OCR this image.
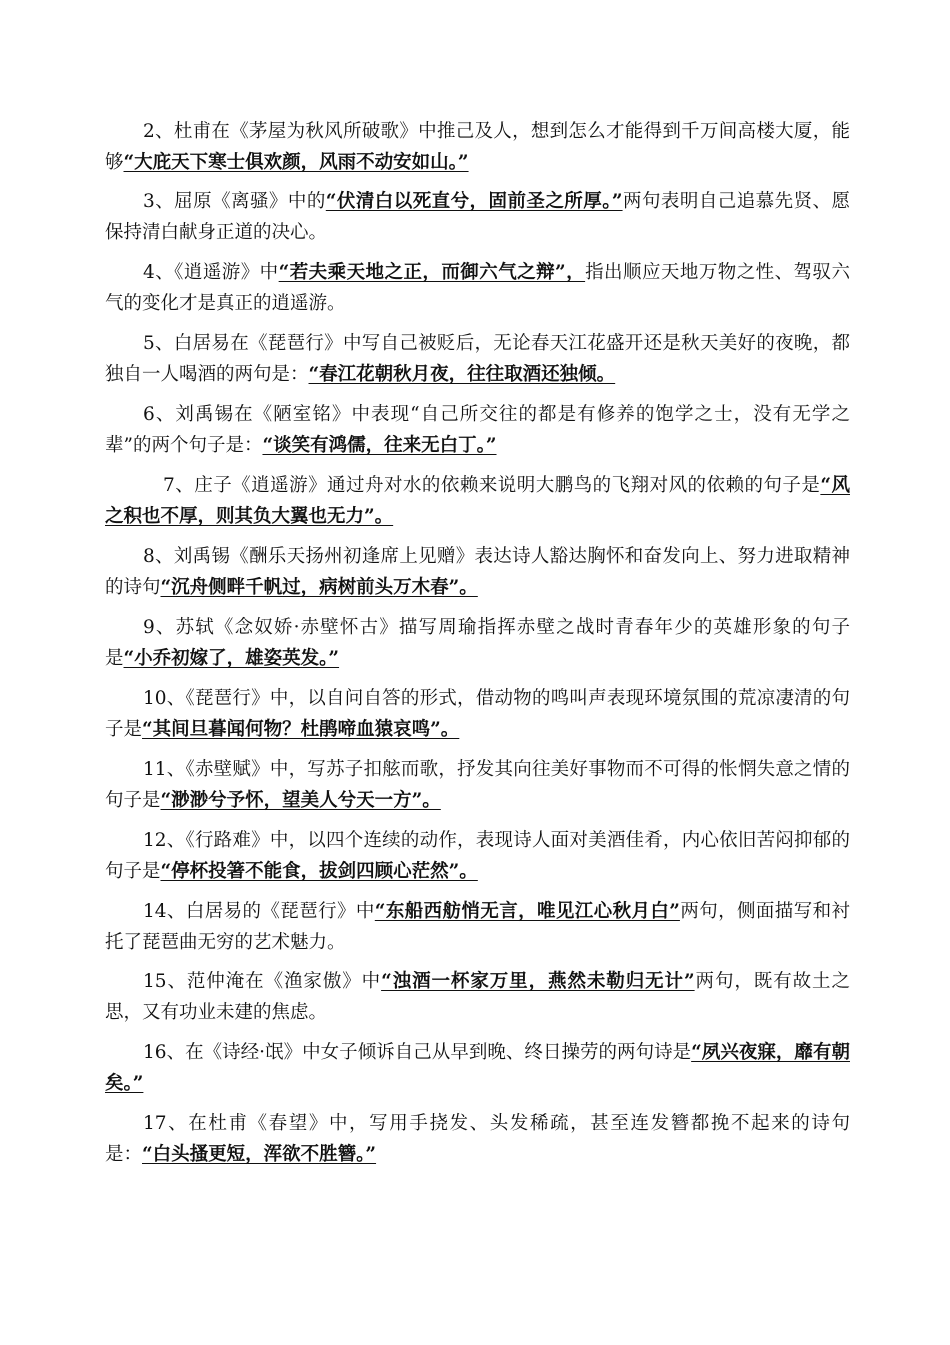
2、杜甫在《茅屋为秋风所破歌》中推己及人，想到怎么才能得到千万间高楼大厦，能够“大庇天下寒士俱欢颜，风雨不动安如山。”

3、屈原《离骚》中的“伏清白以死直兮，固前圣之所厚。”两句表明自己追慕先贤、愿保持清白献身正道的决心。

4、《逍遥游》中“若夫乘天地之正，而御六气之辩”，指出顺应天地万物之性、驾驭六气的变化才是真正的逍遥游。

5、白居易在《琵琶行》中写自己被贬后，无论春天江花盛开还是秋天美好的夜晚，都独自一人喝酒的两句是：“春江花朝秋月夜，往往取酒还独倾。

6、刘禹锡在《陋室铭》中表现“自己所交往的都是有修养的饱学之士，没有无学之辈”的两个句子是：“谈笑有鸿儒，往来无白丁。”

7、庄子《逍遥游》通过舟对水的依赖来说明大鹏鸟的飞翔对风的依赖的句子是“风之积也不厚，则其负大翼也无力”。

8、刘禹锡《酬乐天扬州初逢席上见赠》表达诗人豁达胸怀和奋发向上、努力进取精神的诗句“沉舟侧畔千帆过，病树前头万木春”。

9、苏轼《念奴娇·赤壁怀古》描写周瑜指挥赤壁之战时青春年少的英雄形象的句子是“小乔初嫁了，雄姿英发。”

10、《琵琶行》中，以自问自答的形式，借动物的鸣叫声表现环境氛围的荒凉凄清的句子是“其间旦暮闻何物？杜鹃啼血猿哀鸣”。

11、《赤壁赋》中，写苏子扣舷而歌，抒发其向往美好事物而不可得的怅惘失意之情的句子是“渺渺兮予怀，望美人兮天一方”。

12、《行路难》中，以四个连续的动作，表现诗人面对美酒佳肴，内心依旧苦闷抑郁的句子是“停杯投箸不能食，拔剑四顾心茫然”。

14、白居易的《琵琶行》中“东船西舫悄无言，唯见江心秋月白”两句，侧面描写和衬托了琵琶曲无穷的艺术魅力。

15、范仲淹在《渔家傲》中“浊酒一杯家万里，燕然未勒归无计”两句，既有故土之思，又有功业未建的焦虑。

16、在《诗经·氓》中女子倾诉自己从早到晚、终日操劳的两句诗是“夙兴夜寐，靡有朝矣。”

17、在杜甫《春望》中，写用手挠发、头发稀疏，甚至连发簪都挽不起来的诗句是：“白头搔更短，浑欲不胜簪。”
